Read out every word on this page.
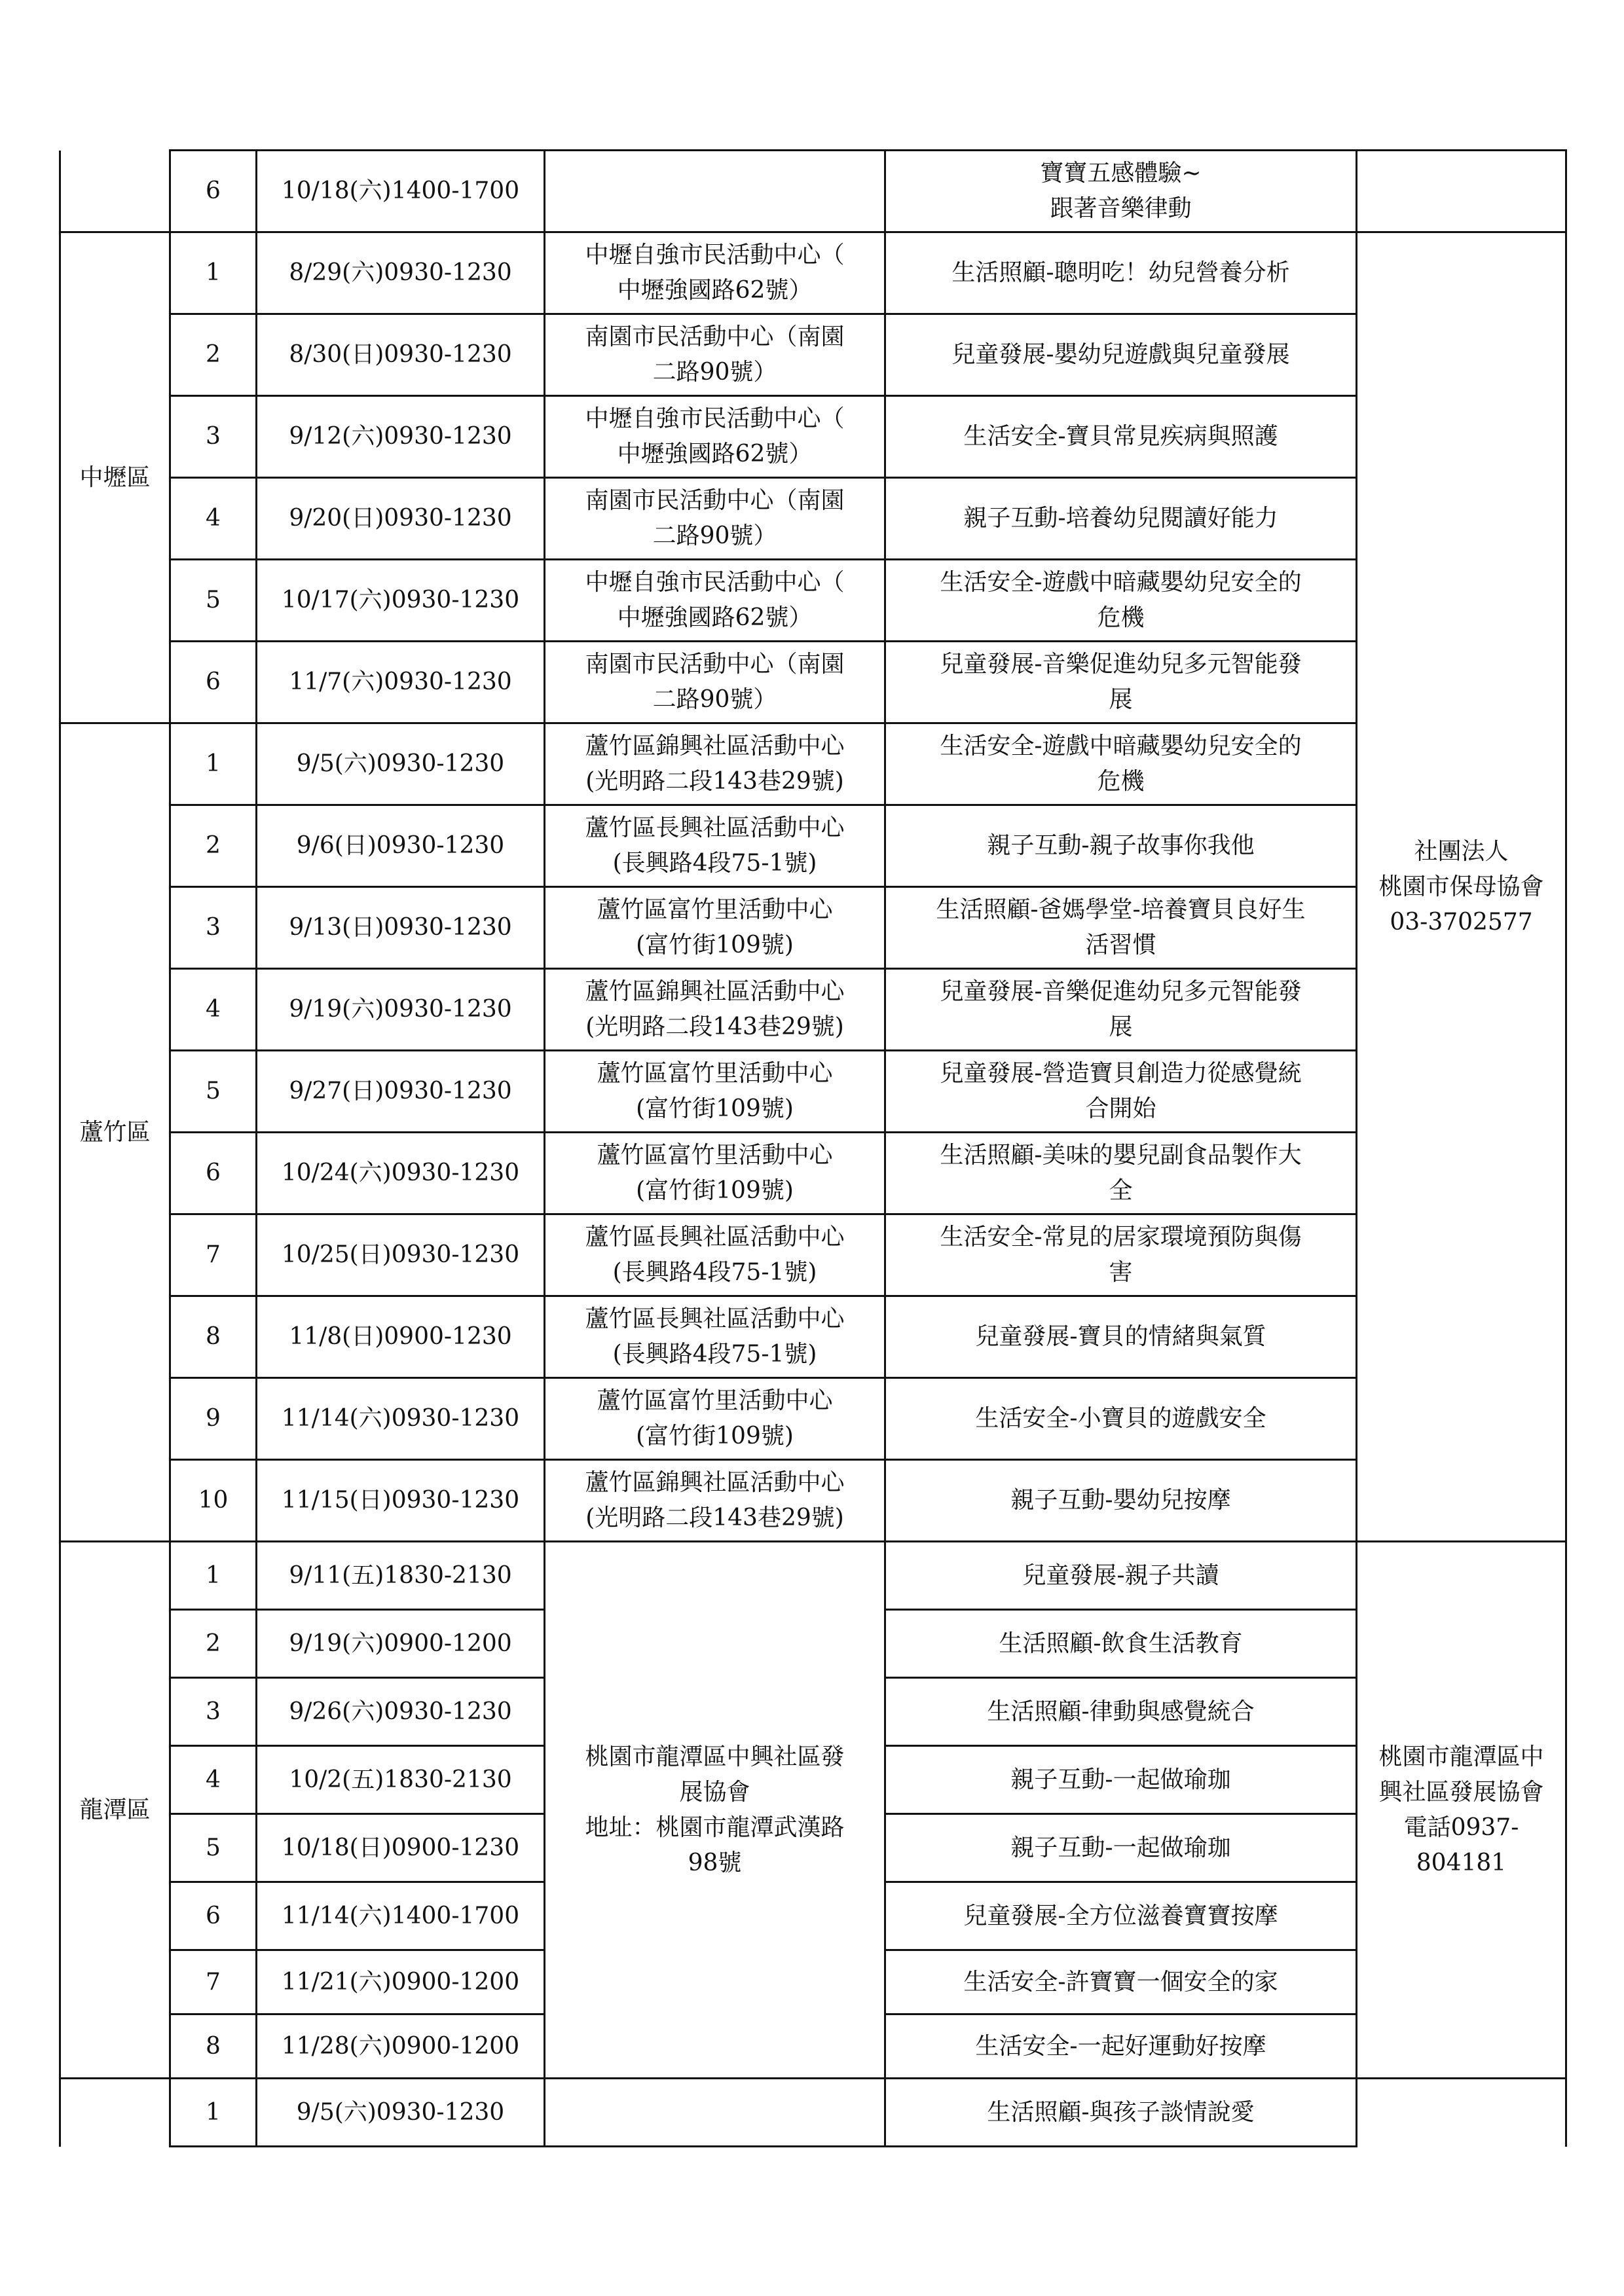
	6	10/18(六)1400-1700		寶寶五感體驗~
跟著音樂律動	
中壢區	1	8/29(六)0930-1230	中壢自強市民活動中心（
中壢強國路62號）	生活照顧-聰明吃！幼兒營養分析	社團法人
桃園市保母協會
03-3702577
	2	8/30(日)0930-1230	南園市民活動中心（南園
二路90號）	兒童發展-嬰幼兒遊戲與兒童發展	
	3	9/12(六)0930-1230	中壢自強市民活動中心（
中壢強國路62號）	生活安全-寶貝常見疾病與照護	
	4	9/20(日)0930-1230	南園市民活動中心（南園
二路90號）	親子互動-培養幼兒閱讀好能力	
	5	10/17(六)0930-1230	中壢自強市民活動中心（
中壢強國路62號）	生活安全-遊戲中暗藏嬰幼兒安全的
危機	
	6	11/7(六)0930-1230	南園市民活動中心（南園
二路90號）	兒童發展-音樂促進幼兒多元智能發
展	
蘆竹區	1	9/5(六)0930-1230	蘆竹區錦興社區活動中心
(光明路二段143巷29號)	生活安全-遊戲中暗藏嬰幼兒安全的
危機	
	2	9/6(日)0930-1230	蘆竹區長興社區活動中心
(長興路4段75-1號)	親子互動-親子故事你我他	
	3	9/13(日)0930-1230	蘆竹區富竹里活動中心
(富竹街109號)	生活照顧-爸媽學堂-培養寶貝良好生
活習慣	
	4	9/19(六)0930-1230	蘆竹區錦興社區活動中心
(光明路二段143巷29號)	兒童發展-音樂促進幼兒多元智能發
展	
	5	9/27(日)0930-1230	蘆竹區富竹里活動中心
(富竹街109號)	兒童發展-營造寶貝創造力從感覺統
合開始	
	6	10/24(六)0930-1230	蘆竹區富竹里活動中心
(富竹街109號)	生活照顧-美味的嬰兒副食品製作大
全	
	7	10/25(日)0930-1230	蘆竹區長興社區活動中心
(長興路4段75-1號)	生活安全-常見的居家環境預防與傷
害	
	8	11/8(日)0900-1230	蘆竹區長興社區活動中心
(長興路4段75-1號)	兒童發展-寶貝的情緒與氣質	
	9	11/14(六)0930-1230	蘆竹區富竹里活動中心
(富竹街109號)	生活安全-小寶貝的遊戲安全	
	10	11/15(日)0930-1230	蘆竹區錦興社區活動中心
(光明路二段143巷29號)	親子互動-嬰幼兒按摩	
龍潭區	1	9/11(五)1830-2130	桃園市龍潭區中興社區發
展協會
地址：桃園市龍潭武漢路
98號	兒童發展-親子共讀	桃園市龍潭區中
興社區發展協會
電話0937-
804181
	2	9/19(六)0900-1200		生活照顧-飲食生活教育	
	3	9/26(六)0930-1230		生活照顧-律動與感覺統合	
	4	10/2(五)1830-2130		親子互動-一起做瑜珈	
	5	10/18(日)0900-1230		親子互動-一起做瑜珈	
	6	11/14(六)1400-1700		兒童發展-全方位滋養寶寶按摩	
	7	11/21(六)0900-1200		生活安全-許寶寶一個安全的家	
	8	11/28(六)0900-1200		生活安全-一起好運動好按摩	
	1	9/5(六)0930-1230		生活照顧-與孩子談情說愛	
